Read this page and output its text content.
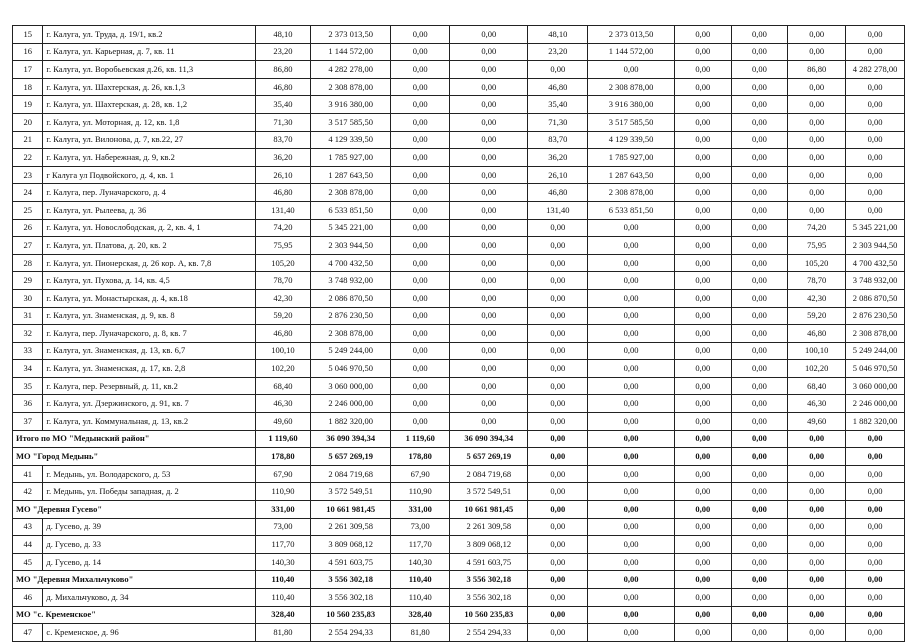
15	г. Калуга, ул. Труда, д. 19/1, кв.2	48,10	2 373 013,50	0,00	0,00	48,10	2 373 013,50	0,00	0,00	0,00	0,00
16	г. Калуга, ул. Карьерная, д. 7, кв. 11	23,20	1 144 572,00	0,00	0,00	23,20	1 144 572,00	0,00	0,00	0,00	0,00
17	г. Калуга, ул. Воробьевская д.26, кв. 11,3	86,80	4 282 278,00	0,00	0,00	0,00	0,00	0,00	0,00	86,80	4 282 278,00
18	г. Калуга, ул. Шахтерская, д. 26, кв.1,3	46,80	2 308 878,00	0,00	0,00	46,80	2 308 878,00	0,00	0,00	0,00	0,00
19	г. Калуга, ул. Шахтерская, д. 28, кв. 1,2	35,40	3 916 380,00	0,00	0,00	35,40	3 916 380,00	0,00	0,00	0,00	0,00
20	г. Калуга, ул. Моторная, д. 12, кв. 1,8	71,30	3 517 585,50	0,00	0,00	71,30	3 517 585,50	0,00	0,00	0,00	0,00
21	г. Калуга, ул. Вилонова, д. 7, кв.22, 27	83,70	4 129 339,50	0,00	0,00	83,70	4 129 339,50	0,00	0,00	0,00	0,00
22	г. Калуга, ул. Набережная, д. 9, кв.2	36,20	1 785 927,00	0,00	0,00	36,20	1 785 927,00	0,00	0,00	0,00	0,00
23	г Калуга ул Подвойского, д. 4, кв. 1	26,10	1 287 643,50	0,00	0,00	26,10	1 287 643,50	0,00	0,00	0,00	0,00
24	г. Калуга, пер. Луначарского, д. 4	46,80	2 308 878,00	0,00	0,00	46,80	2 308 878,00	0,00	0,00	0,00	0,00
25	г. Калуга, ул. Рылеева, д. 36	131,40	6 533 851,50	0,00	0,00	131,40	6 533 851,50	0,00	0,00	0,00	0,00
26	г. Калуга, ул. Новослободская, д. 2, кв. 4, 1	74,20	5 345 221,00	0,00	0,00	0,00	0,00	0,00	0,00	74,20	5 345 221,00
27	г. Калуга, ул. Платова, д. 20, кв. 2	75,95	2 303 944,50	0,00	0,00	0,00	0,00	0,00	0,00	75,95	2 303 944,50
28	г. Калуга, ул. Пионерская, д. 26 кор. А, кв. 7,8	105,20	4 700 432,50	0,00	0,00	0,00	0,00	0,00	0,00	105,20	4 700 432,50
29	г. Калуга, ул. Пухова, д. 14, кв. 4,5	78,70	3 748 932,00	0,00	0,00	0,00	0,00	0,00	0,00	78,70	3 748 932,00
30	г. Калуга, ул. Монастырская, д. 4, кв.18	42,30	2 086 870,50	0,00	0,00	0,00	0,00	0,00	0,00	42,30	2 086 870,50
31	г. Калуга, ул. Знаменская, д. 9, кв. 8	59,20	2 876 230,50	0,00	0,00	0,00	0,00	0,00	0,00	59,20	2 876 230,50
32	г. Калуга, пер. Луначарского, д. 8, кв. 7	46,80	2 308 878,00	0,00	0,00	0,00	0,00	0,00	0,00	46,80	2 308 878,00
33	г. Калуга, ул. Знаменская, д. 13, кв. 6,7	100,10	5 249 244,00	0,00	0,00	0,00	0,00	0,00	0,00	100,10	5 249 244,00
34	г. Калуга, ул. Знаменская, д. 17, кв. 2,8	102,20	5 046 970,50	0,00	0,00	0,00	0,00	0,00	0,00	102,20	5 046 970,50
35	г. Калуга, пер. Резервный, д. 11, кв.2	68,40	3 060 000,00	0,00	0,00	0,00	0,00	0,00	0,00	68,40	3 060 000,00
36	г. Калуга, ул. Дзержинского, д. 91, кв. 7	46,30	2 246 000,00	0,00	0,00	0,00	0,00	0,00	0,00	46,30	2 246 000,00
37	г. Калуга, ул. Коммунальная, д. 13, кв.2	49,60	1 882 320,00	0,00	0,00	0,00	0,00	0,00	0,00	49,60	1 882 320,00
Итого по МО "Медынский район"		1 119,60	36 090 394,34	1 119,60	36 090 394,34	0,00	0,00	0,00	0,00	0,00	0,00
МО "Город Медынь"		178,80	5 657 269,19	178,80	5 657 269,19	0,00	0,00	0,00	0,00	0,00	0,00
41	г. Медынь, ул. Володарского, д. 53	67,90	2 084 719,68	67,90	2 084 719,68	0,00	0,00	0,00	0,00	0,00	0,00
42	г. Медынь, ул. Победы западная, д. 2	110,90	3 572 549,51	110,90	3 572 549,51	0,00	0,00	0,00	0,00	0,00	0,00
МО "Деревня Гусево"		331,00	10 661 981,45	331,00	10 661 981,45	0,00	0,00	0,00	0,00	0,00	0,00
43	д. Гусево, д. 39	73,00	2 261 309,58	73,00	2 261 309,58	0,00	0,00	0,00	0,00	0,00	0,00
44	д. Гусево, д. 33	117,70	3 809 068,12	117,70	3 809 068,12	0,00	0,00	0,00	0,00	0,00	0,00
45	д. Гусево, д. 14	140,30	4 591 603,75	140,30	4 591 603,75	0,00	0,00	0,00	0,00	0,00	0,00
МО "Деревня Михальчуково"		110,40	3 556 302,18	110,40	3 556 302,18	0,00	0,00	0,00	0,00	0,00	0,00
46	д. Михальчуково, д. 34	110,40	3 556 302,18	110,40	3 556 302,18	0,00	0,00	0,00	0,00	0,00	0,00
МО "с. Кременское"		328,40	10 560 235,83	328,40	10 560 235,83	0,00	0,00	0,00	0,00	0,00	0,00
47	с. Кременское, д. 96	81,80	2 554 294,33	81,80	2 554 294,33	0,00	0,00	0,00	0,00	0,00	0,00
